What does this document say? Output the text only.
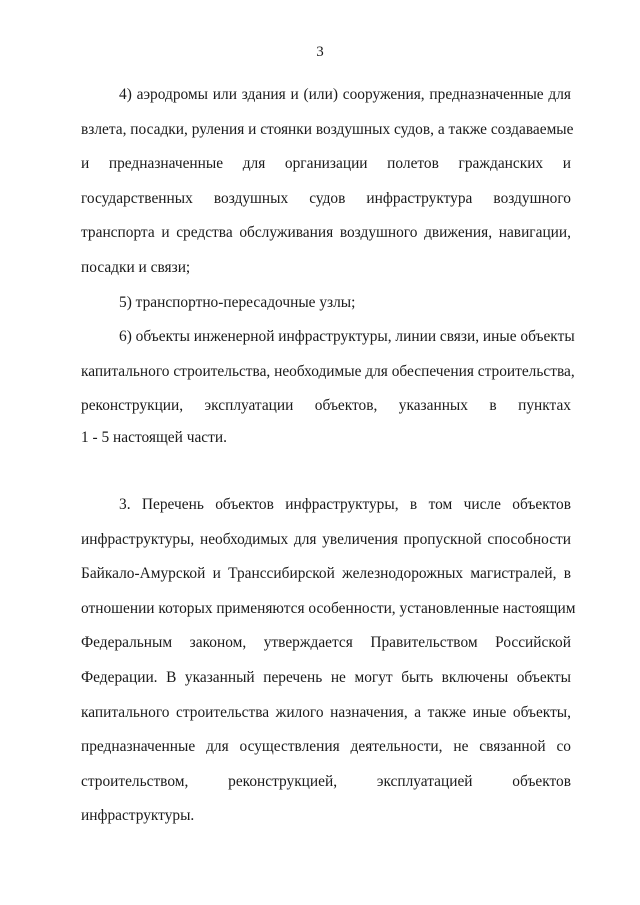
3
4) аэродромы или здания и (или) сооружения, предназначенные для
взлета, посадки, руления и стоянки воздушных судов, а также создаваемые
и предназначенные для организации полетов гражданских и
государственных воздушных судов инфраструктура воздушного
транспорта и средства обслуживания воздушного движения, навигации,
посадки и связи;
5) транспортно-пересадочные узлы;
6) объекты инженерной инфраструктуры, линии связи, иные объекты
капитального строительства, необходимые для обеспечения строительства,
реконструкции, эксплуатации объектов, указанных в пунктах
1 - 5 настоящей части.
3. Перечень объектов инфраструктуры, в том числе объектов
инфраструктуры, необходимых для увеличения пропускной способности
Байкало-Амурской и Транссибирской железнодорожных магистралей, в
отношении которых применяются особенности, установленные настоящим
Федеральным законом, утверждается Правительством Российской
Федерации. В указанный перечень не могут быть включены объекты
капитального строительства жилого назначения, а также иные объекты,
предназначенные для осуществления деятельности, не связанной со
строительством, реконструкцией, эксплуатацией объектов
инфраструктуры.
